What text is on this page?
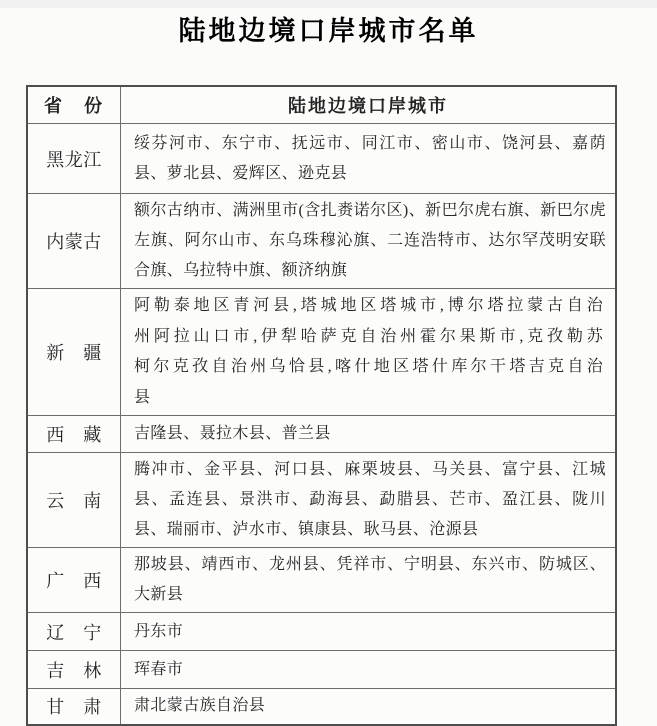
陆地边境口岸城市名单
省　份	陆地边境口岸城市
黑龙江	绥芬河市、东宁市、抚远市、同江市、密山市、饶河县、嘉荫县、萝北县、爱辉区、逊克县
内蒙古	额尔古纳市、满洲里市(含扎赉诺尔区)、新巴尔虎右旗、新巴尔虎左旗、阿尔山市、东乌珠穆沁旗、二连浩特市、达尔罕茂明安联合旗、乌拉特中旗、额济纳旗
新　疆	阿勒泰地区青河县,塔城地区塔城市,博尔塔拉蒙古自治州阿拉山口市,伊犁哈萨克自治州霍尔果斯市,克孜勒苏柯尔克孜自治州乌恰县,喀什地区塔什库尔干塔吉克自治县
西　藏	吉隆县、聂拉木县、普兰县
云　南	腾冲市、金平县、河口县、麻栗坡县、马关县、富宁县、江城县、孟连县、景洪市、勐海县、勐腊县、芒市、盈江县、陇川县、瑞丽市、泸水市、镇康县、耿马县、沧源县
广　西	那坡县、靖西市、龙州县、凭祥市、宁明县、东兴市、防城区、大新县
辽　宁	丹东市
吉　林	珲春市
甘　肃	肃北蒙古族自治县
